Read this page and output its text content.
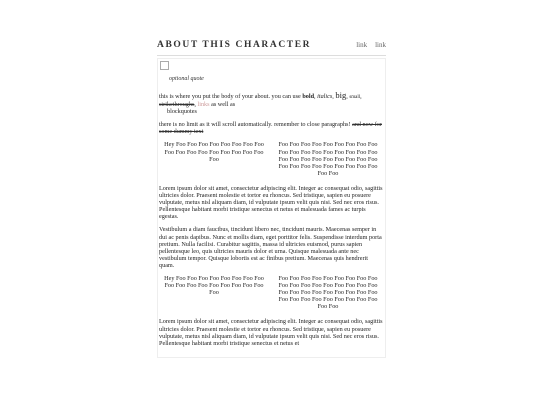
ABOUT THIS CHARACTER	link link
optional quote

this is where you put the body of your about. you can use bold, italics, big, small, strikethroughs, links as well as
blockquotes

there is no limit as it will scroll automatically. remember to close paragraphs! and now for some dummy text

Hey Foo Foo Foo Foo Foo Foo Foo Foo Foo Foo Foo Foo Foo Foo Foo Foo Foo Foo
Foo Foo Foo Foo Foo Foo Foo Foo Foo Foo Foo Foo Foo Foo Foo Foo Foo Foo Foo Foo Foo Foo Foo Foo Foo Foo Foo Foo Foo Foo Foo Foo Foo Foo Foo Foo Foo Foo

Lorem ipsum dolor sit amet, consectetur adipiscing elit. Integer ac consequat odio, sagittis ultricies dolor. Praesent molestie et tortor eu rhoncus. Sed tristique, sapien eu posuere vulputate, metus nisl aliquam diam, id vulputate ipsum velit quis nisi. Sed nec eros risus. Pellentesque habitant morbi tristique senectus et netus et malesuada fames ac turpis egestas.

Vestibulum a diam faucibus, tincidunt libero nec, tincidunt mauris. Maecenas semper in dui ac penis dapibus. Nunc et mollis diam, eget porttitor felis. Suspendisse interdum porta pretium. Nulla facilisi. Curabitur sagittis, massa id ultricies euismod, purus sapien pellentesque leo, quis ultricies mauris dolor et urna. Quisque malesuada ante nec vestibulum tempor. Quisque lobortis est ac finibus pretium. Maecenas quis hendrerit quam.

Hey Foo Foo Foo Foo Foo Foo Foo Foo Foo Foo Foo Foo Foo Foo Foo Foo Foo Foo
Foo Foo Foo Foo Foo Foo Foo Foo Foo Foo Foo Foo Foo Foo Foo Foo Foo Foo Foo Foo Foo Foo Foo Foo Foo Foo Foo Foo Foo Foo Foo Foo Foo Foo Foo Foo Foo Foo

Lorem ipsum dolor sit amet, consectetur adipiscing elit. Integer ac consequat odio, sagittis ultricies dolor. Praesent molestie et tortor eu rhoncus. Sed tristique, sapien eu posuere vulputate, metus nisl aliquam diam, id vulputate ipsum velit quis nisi. Sed nec eros risus. Pellentesque habitant morbi tristique senectus et netus et
